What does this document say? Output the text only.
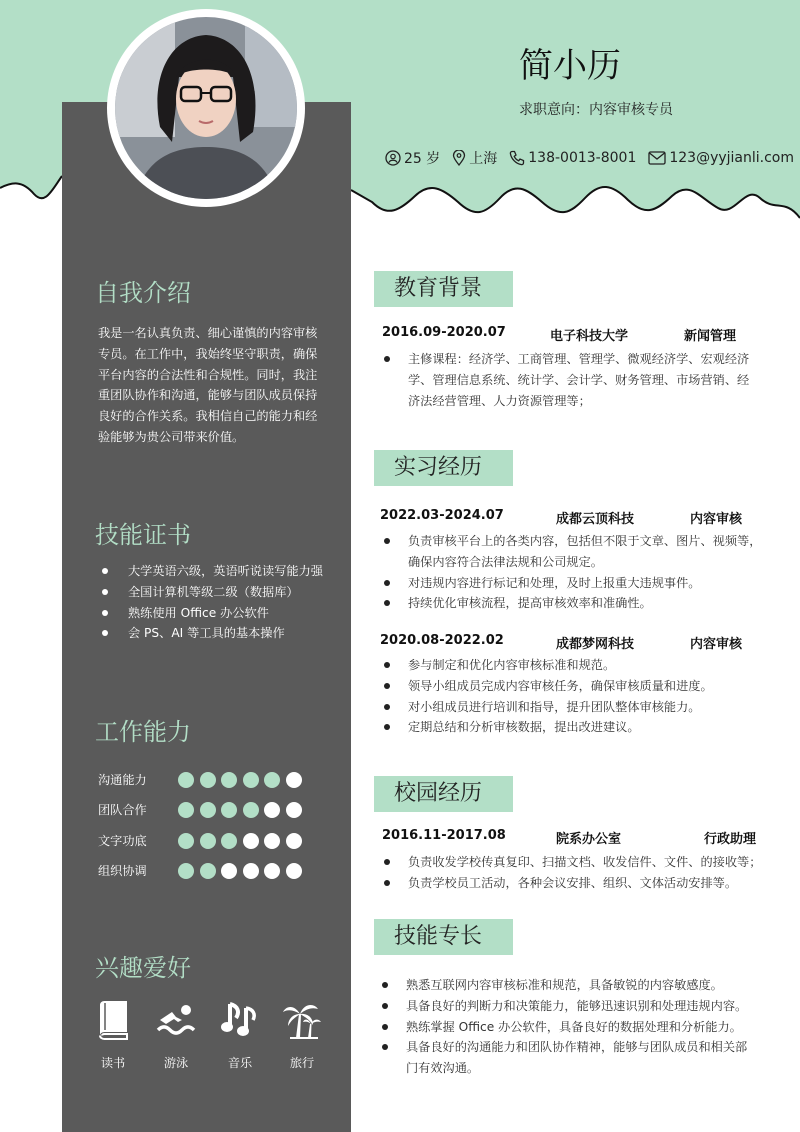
简小历
求职意向：内容审核专员
25 岁 上海 138-0013-8001 123@yyjianli.com
自我介绍
我是一名认真负责、细心谨慎的内容审核专员。在工作中，我始终坚守职责，确保平台内容的合法性和合规性。同时，我注重团队协作和沟通，能够与团队成员保持良好的合作关系。我相信自己的能力和经验能够为贵公司带来价值。
技能证书
大学英语六级，英语听说读写能力强
全国计算机等级二级（数据库）
熟练使用 Office 办公软件
会 PS、AI 等工具的基本操作
工作能力
沟通能力
团队合作
文字功底
组织协调
兴趣爱好
读书	游泳	音乐	旅行
教育背景
2016.09-2020.07	电子科技大学	新闻管理
主修课程：经济学、工商管理、管理学、微观经济学、宏观经济学、管理信息系统、统计学、会计学、财务管理、市场营销、经济法经营管理、人力资源管理等；
实习经历
2022.03-2024.07	成都云顶科技	内容审核
负责审核平台上的各类内容，包括但不限于文章、图片、视频等，确保内容符合法律法规和公司规定。
对违规内容进行标记和处理，及时上报重大违规事件。
持续优化审核流程，提高审核效率和准确性。
2020.08-2022.02	成都梦网科技	内容审核
参与制定和优化内容审核标准和规范。
领导小组成员完成内容审核任务，确保审核质量和进度。
对小组成员进行培训和指导，提升团队整体审核能力。
定期总结和分析审核数据，提出改进建议。
校园经历
2016.11-2017.08	院系办公室	行政助理
负责收发学校传真复印、扫描文档、收发信件、文件、的接收等；
负责学校员工活动，各种会议安排、组织、文体活动安排等。
技能专长
熟悉互联网内容审核标准和规范，具备敏锐的内容敏感度。
具备良好的判断力和决策能力，能够迅速识别和处理违规内容。
熟练掌握 Office 办公软件，具备良好的数据处理和分析能力。
具备良好的沟通能力和团队协作精神，能够与团队成员和相关部门有效沟通。
